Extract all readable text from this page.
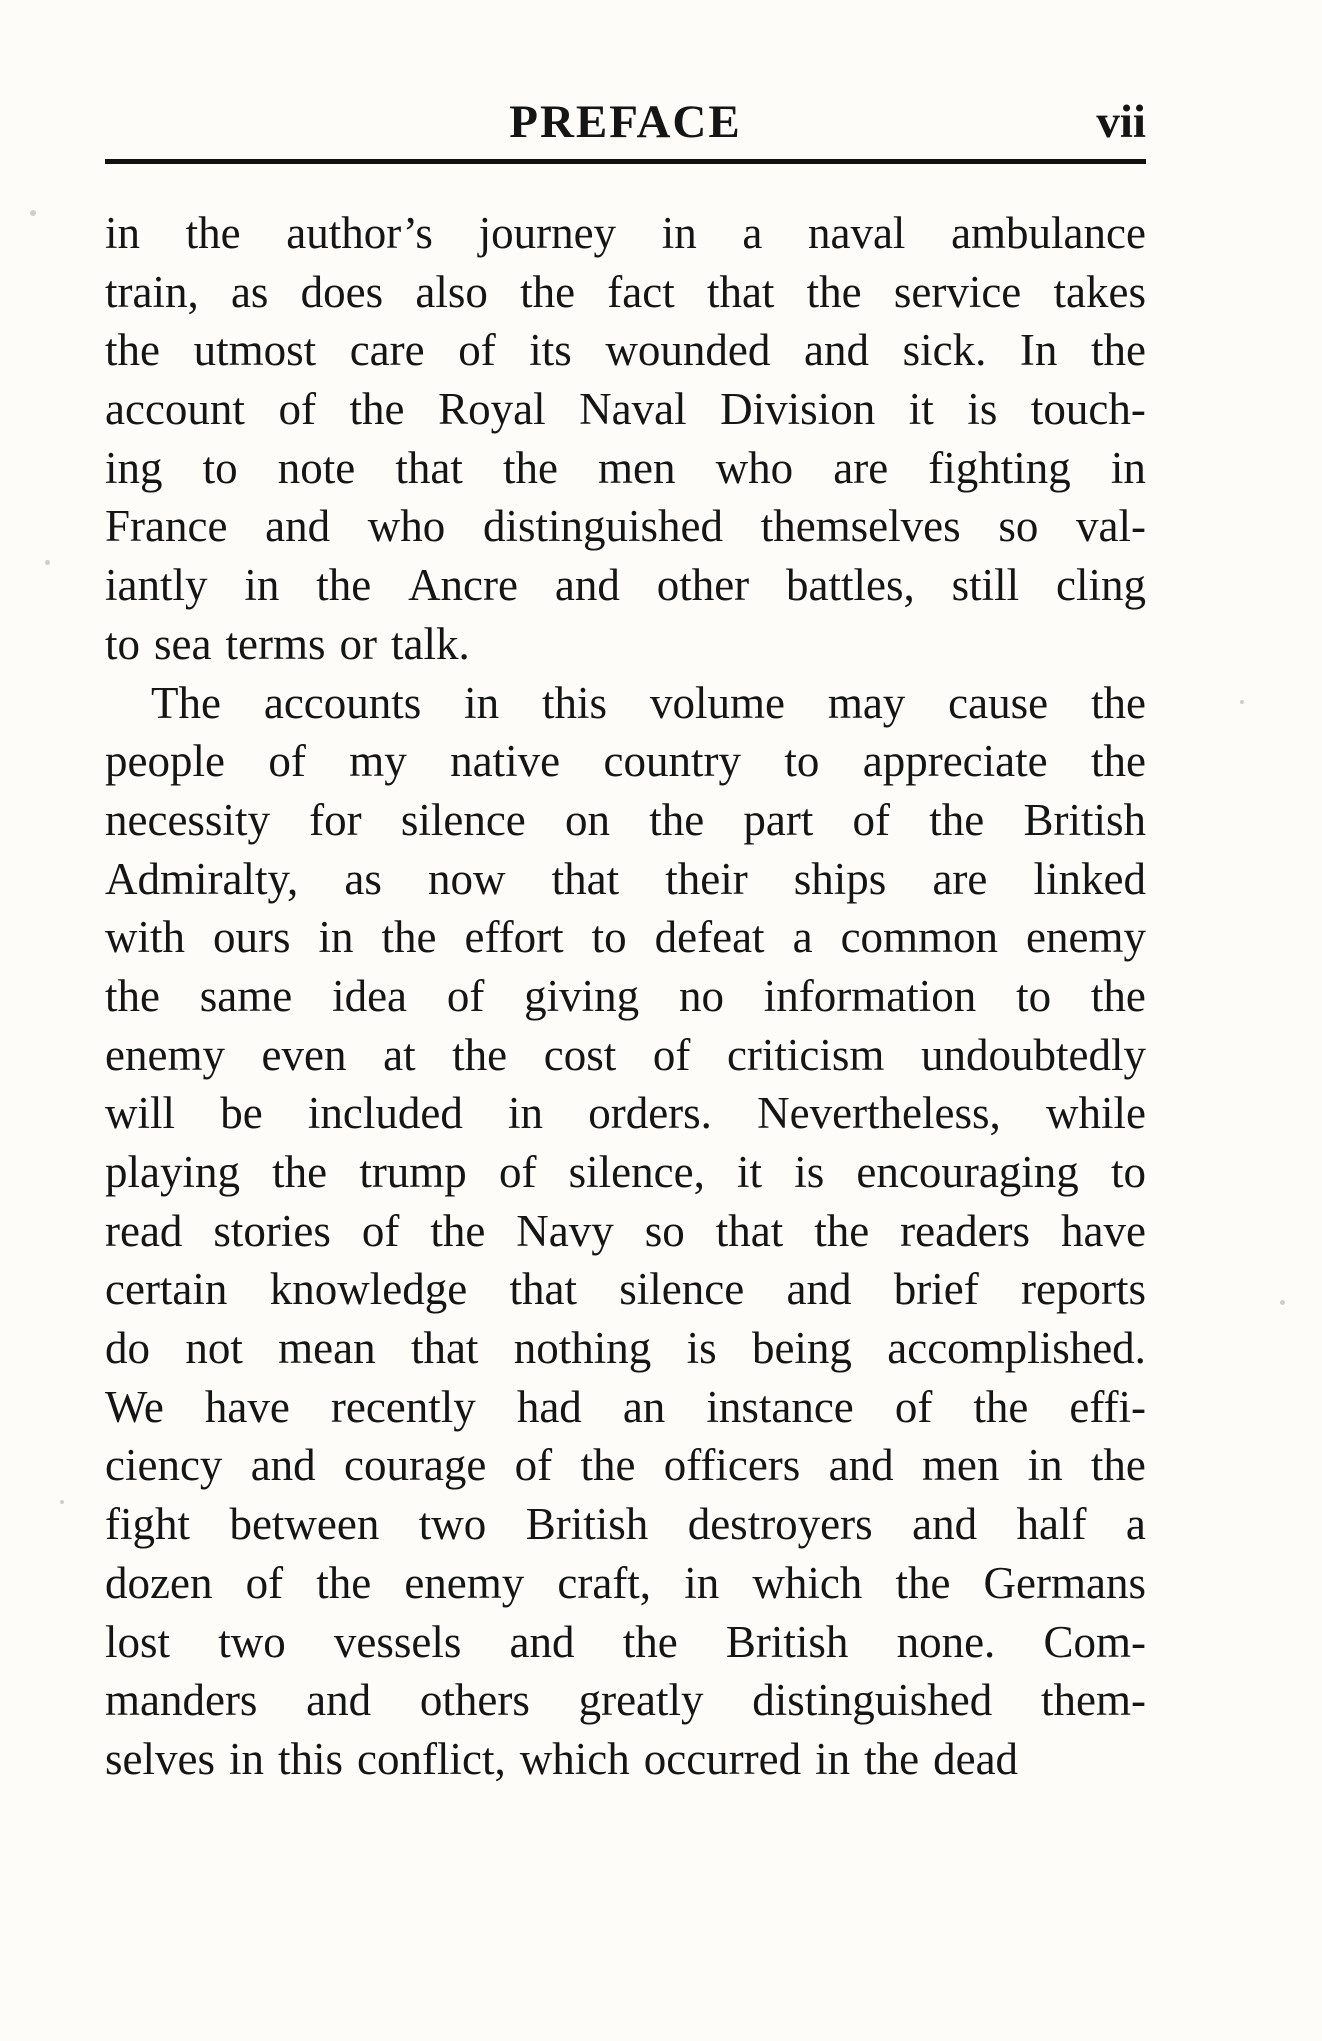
PREFACE	vii
in the author’s journey in a naval ambulance
train, as does also the fact that the service takes
the utmost care of its wounded and sick. In the
account of the Royal Naval Division it is touch-
ing to note that the men who are fighting in
France and who distinguished themselves so val-
iantly in the Ancre and other battles, still cling
to sea terms or talk.
The accounts in this volume may cause the
people of my native country to appreciate the
necessity for silence on the part of the British
Admiralty, as now that their ships are linked
with ours in the effort to defeat a common enemy
the same idea of giving no information to the
enemy even at the cost of criticism undoubtedly
will be included in orders. Nevertheless, while
playing the trump of silence, it is encouraging to
read stories of the Navy so that the readers have
certain knowledge that silence and brief reports
do not mean that nothing is being accomplished.
We have recently had an instance of the effi-
ciency and courage of the officers and men in the
fight between two British destroyers and half a
dozen of the enemy craft, in which the Germans
lost two vessels and the British none. Com-
manders and others greatly distinguished them-
selves in this conflict, which occurred in the dead
